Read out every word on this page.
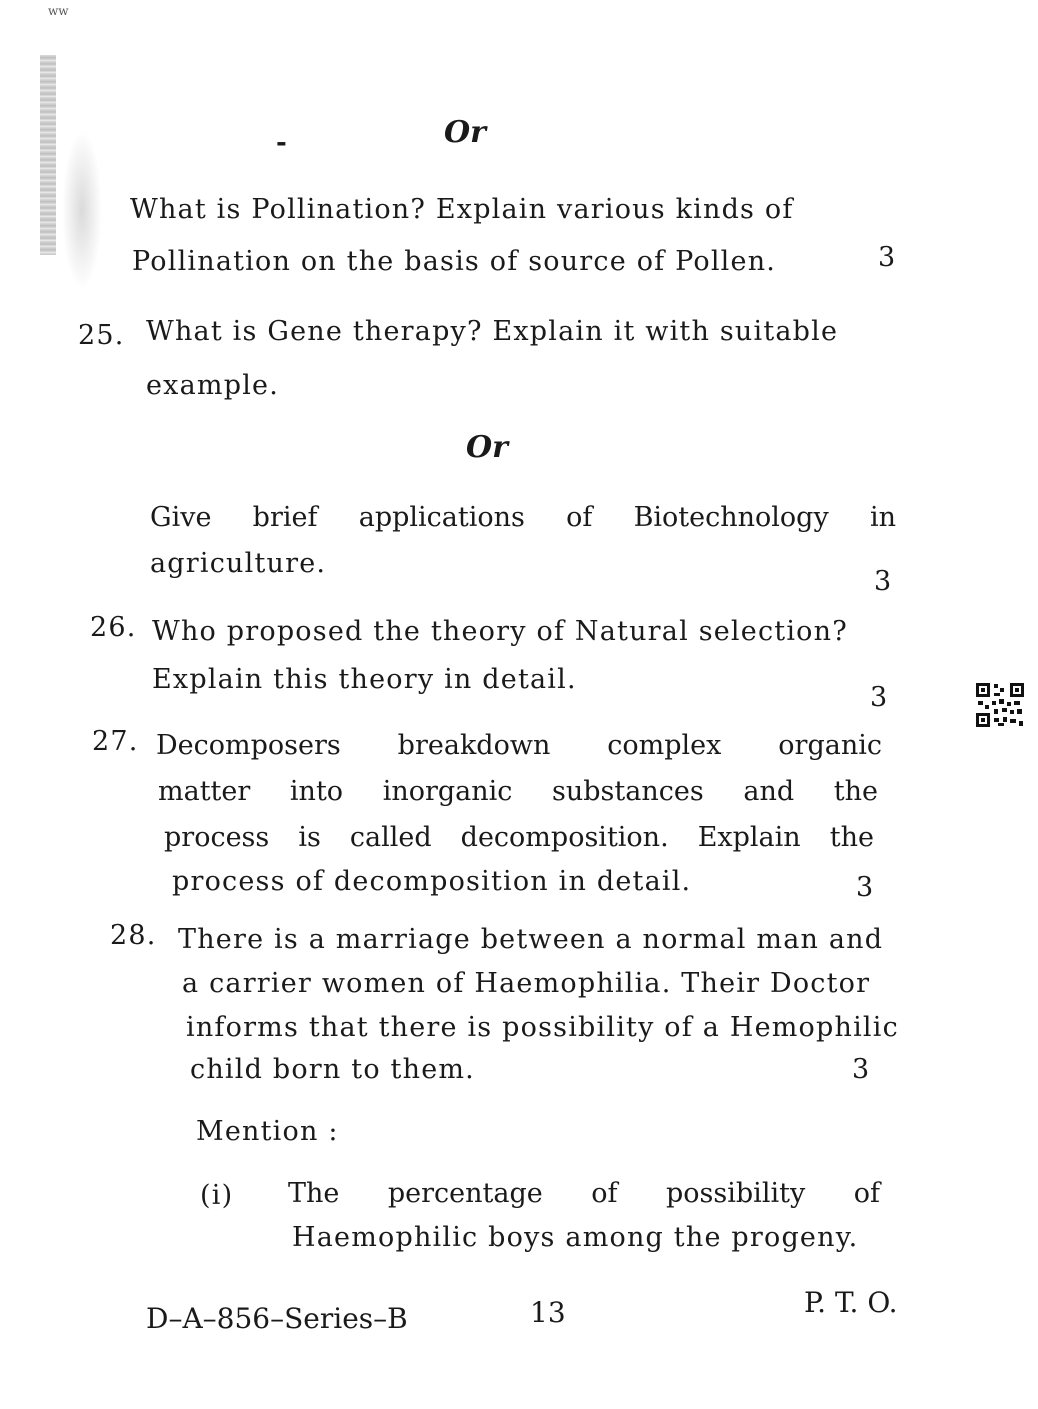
ww
-	Or
What is Pollination? Explain various kinds of
Pollination on the basis of source of Pollen.	3
25. What is Gene therapy? Explain it with suitable
example.
Or
Give brief applications of Biotechnology in
agriculture.
3
26. Who proposed the theory of Natural selection?
Explain this theory in detail.
3
27. Decomposers breakdown complex organic
matter into inorganic substances and the
process is called decomposition. Explain the
process of decomposition in detail.	3
28. There is a marriage between a normal man and
a carrier women of Haemophilia. Their Doctor
informs that there is possibility of a Hemophilic
child born to them.	3
Mention :
(i) The percentage of possibility of
Haemophilic boys among the progeny.
D–A–856–Series–B	13	P. T. O.
